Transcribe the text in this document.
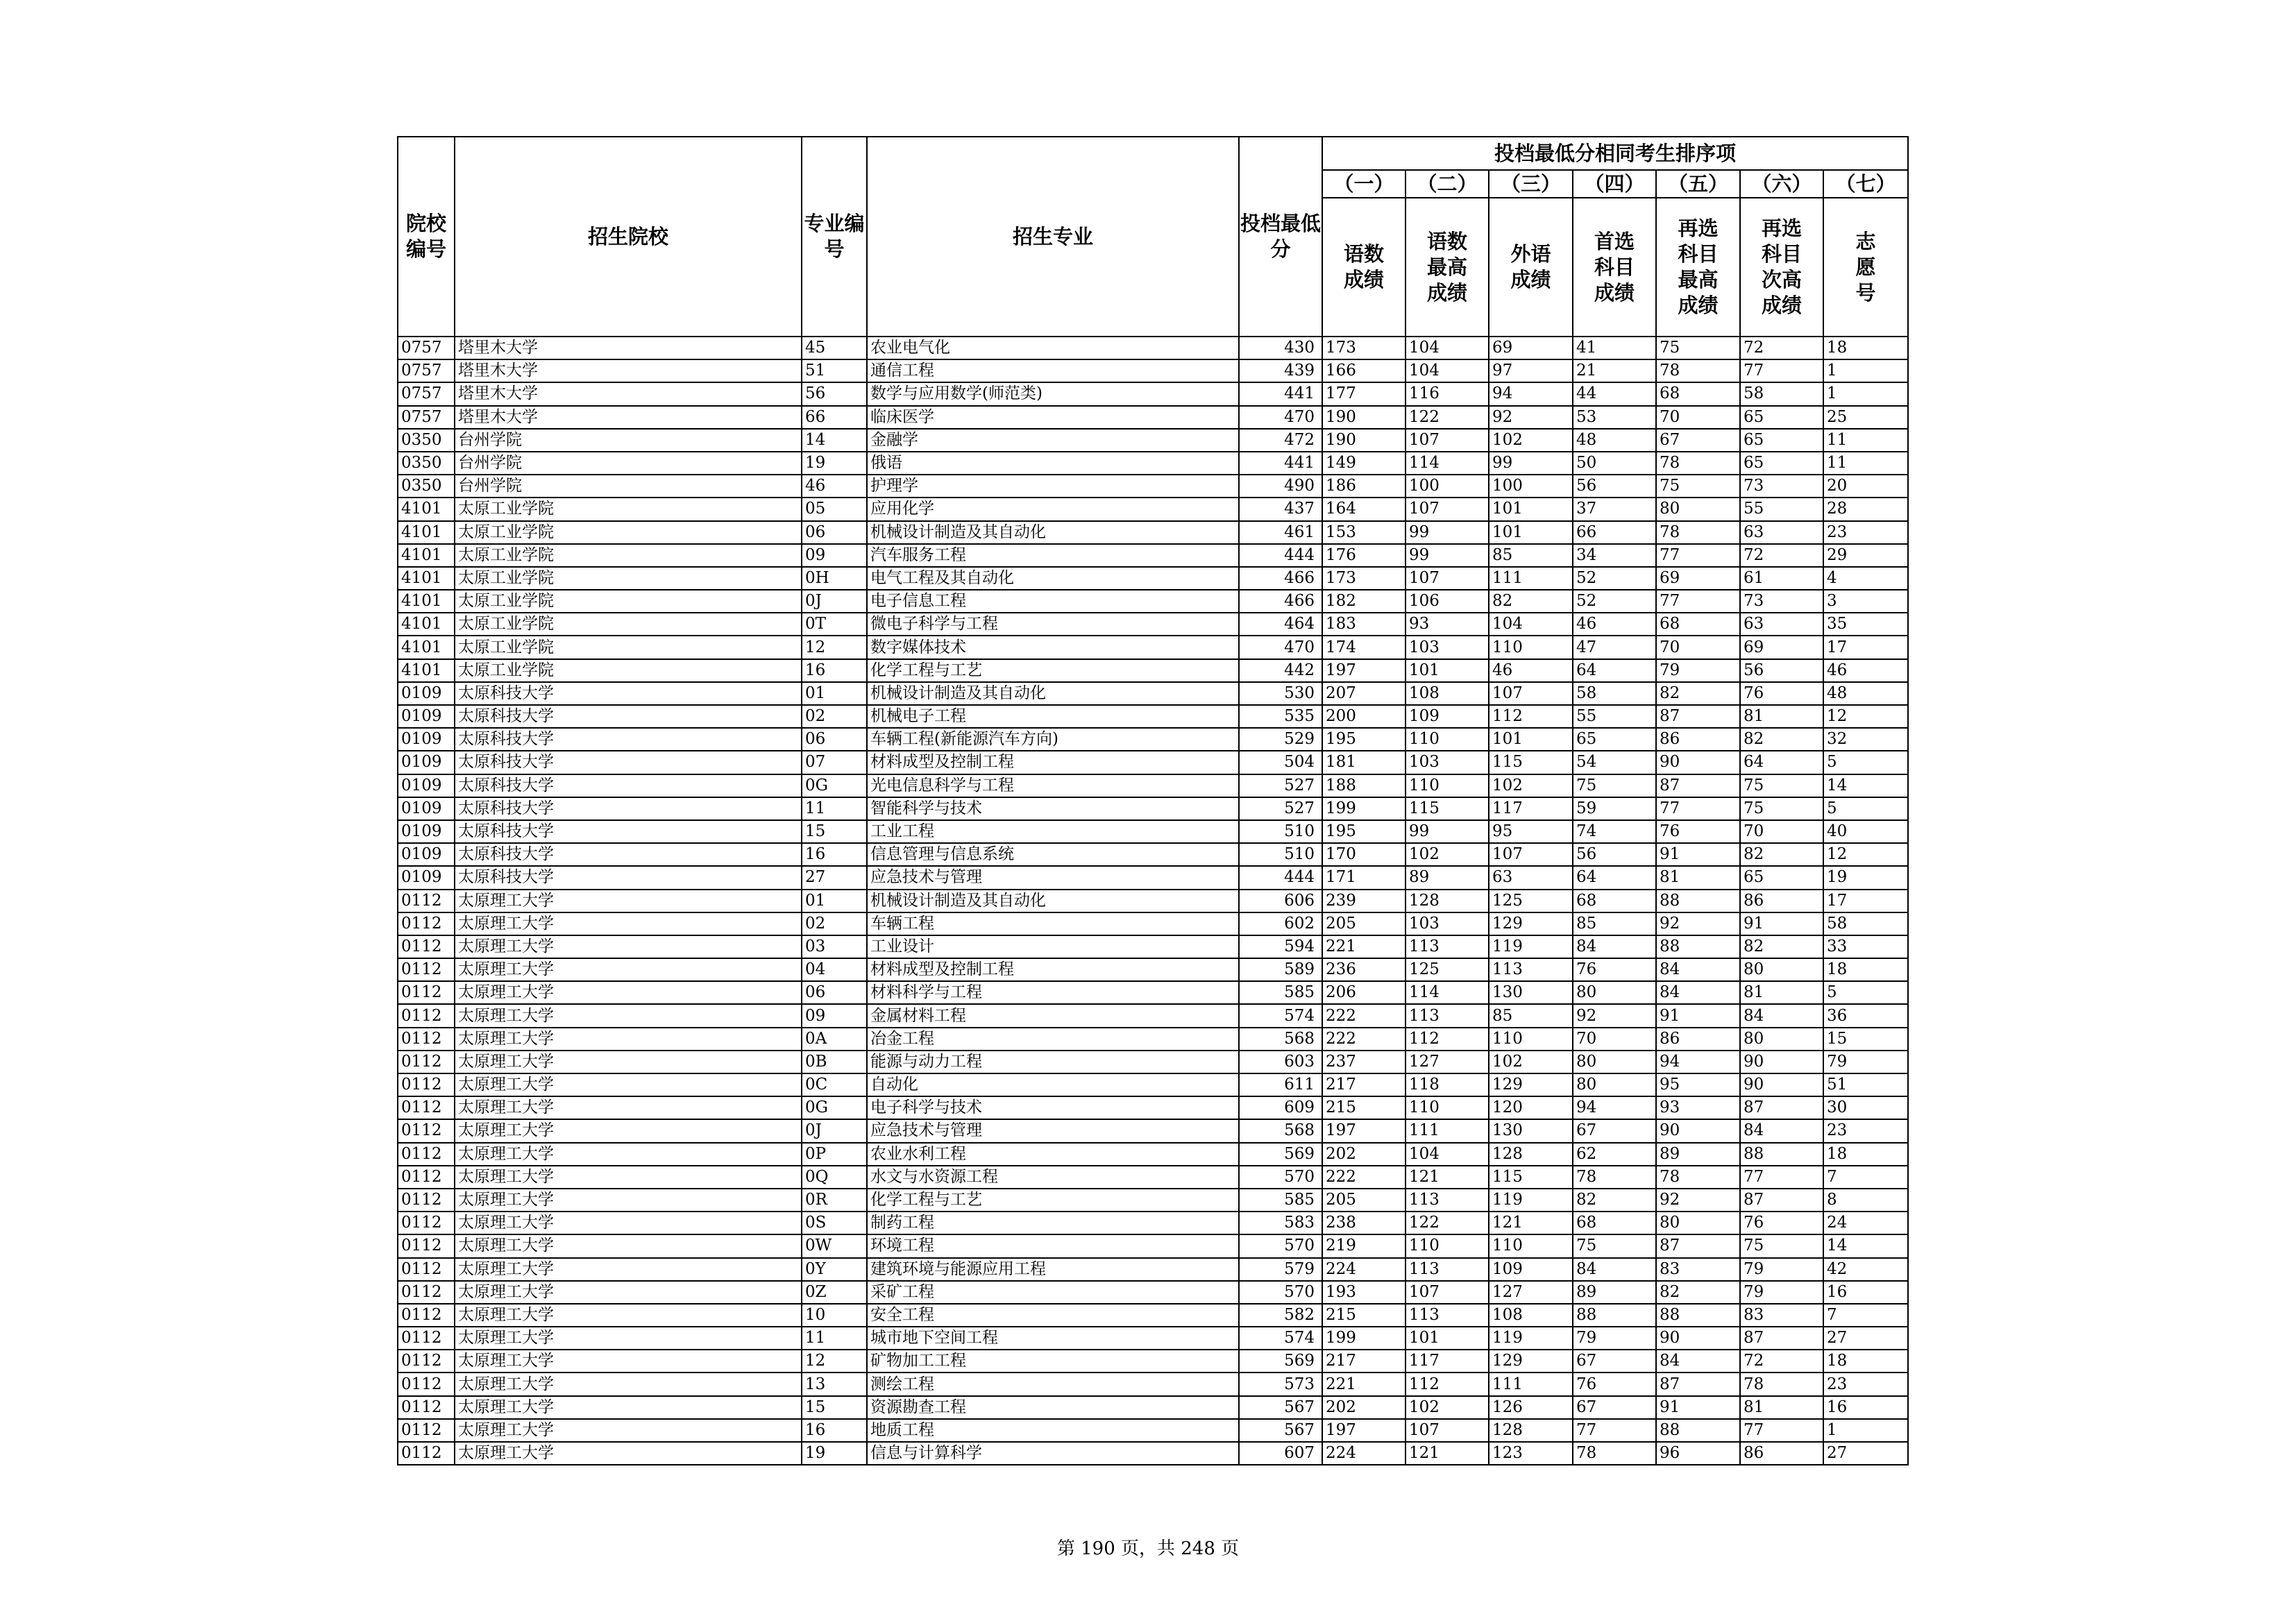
院校编号	招生院校	专业编号	招生专业	投档最低分	投档最低分相同考生排序项						
					（一）	（二）	（三）	（四）	（五）	（六）	（七）
					语数成绩	语数最高成绩	外语成绩	首选科目成绩	再选科目最高成绩	再选科目次高成绩	志愿号
0757	塔里木大学	45	农业电气化	430	173	104	69	41	75	72	18
0757	塔里木大学	51	通信工程	439	166	104	97	21	78	77	1
0757	塔里木大学	56	数学与应用数学(师范类)	441	177	116	94	44	68	58	1
0757	塔里木大学	66	临床医学	470	190	122	92	53	70	65	25
0350	台州学院	14	金融学	472	190	107	102	48	67	65	11
0350	台州学院	19	俄语	441	149	114	99	50	78	65	11
0350	台州学院	46	护理学	490	186	100	100	56	75	73	20
4101	太原工业学院	05	应用化学	437	164	107	101	37	80	55	28
4101	太原工业学院	06	机械设计制造及其自动化	461	153	99	101	66	78	63	23
4101	太原工业学院	09	汽车服务工程	444	176	99	85	34	77	72	29
4101	太原工业学院	0H	电气工程及其自动化	466	173	107	111	52	69	61	4
4101	太原工业学院	0J	电子信息工程	466	182	106	82	52	77	73	3
4101	太原工业学院	0T	微电子科学与工程	464	183	93	104	46	68	63	35
4101	太原工业学院	12	数字媒体技术	470	174	103	110	47	70	69	17
4101	太原工业学院	16	化学工程与工艺	442	197	101	46	64	79	56	46
0109	太原科技大学	01	机械设计制造及其自动化	530	207	108	107	58	82	76	48
0109	太原科技大学	02	机械电子工程	535	200	109	112	55	87	81	12
0109	太原科技大学	06	车辆工程(新能源汽车方向)	529	195	110	101	65	86	82	32
0109	太原科技大学	07	材料成型及控制工程	504	181	103	115	54	90	64	5
0109	太原科技大学	0G	光电信息科学与工程	527	188	110	102	75	87	75	14
0109	太原科技大学	11	智能科学与技术	527	199	115	117	59	77	75	5
0109	太原科技大学	15	工业工程	510	195	99	95	74	76	70	40
0109	太原科技大学	16	信息管理与信息系统	510	170	102	107	56	91	82	12
0109	太原科技大学	27	应急技术与管理	444	171	89	63	64	81	65	19
0112	太原理工大学	01	机械设计制造及其自动化	606	239	128	125	68	88	86	17
0112	太原理工大学	02	车辆工程	602	205	103	129	85	92	91	58
0112	太原理工大学	03	工业设计	594	221	113	119	84	88	82	33
0112	太原理工大学	04	材料成型及控制工程	589	236	125	113	76	84	80	18
0112	太原理工大学	06	材料科学与工程	585	206	114	130	80	84	81	5
0112	太原理工大学	09	金属材料工程	574	222	113	85	92	91	84	36
0112	太原理工大学	0A	冶金工程	568	222	112	110	70	86	80	15
0112	太原理工大学	0B	能源与动力工程	603	237	127	102	80	94	90	79
0112	太原理工大学	0C	自动化	611	217	118	129	80	95	90	51
0112	太原理工大学	0G	电子科学与技术	609	215	110	120	94	93	87	30
0112	太原理工大学	0J	应急技术与管理	568	197	111	130	67	90	84	23
0112	太原理工大学	0P	农业水利工程	569	202	104	128	62	89	88	18
0112	太原理工大学	0Q	水文与水资源工程	570	222	121	115	78	78	77	7
0112	太原理工大学	0R	化学工程与工艺	585	205	113	119	82	92	87	8
0112	太原理工大学	0S	制药工程	583	238	122	121	68	80	76	24
0112	太原理工大学	0W	环境工程	570	219	110	110	75	87	75	14
0112	太原理工大学	0Y	建筑环境与能源应用工程	579	224	113	109	84	83	79	42
0112	太原理工大学	0Z	采矿工程	570	193	107	127	89	82	79	16
0112	太原理工大学	10	安全工程	582	215	113	108	88	88	83	7
0112	太原理工大学	11	城市地下空间工程	574	199	101	119	79	90	87	27
0112	太原理工大学	12	矿物加工工程	569	217	117	129	67	84	72	18
0112	太原理工大学	13	测绘工程	573	221	112	111	76	87	78	23
0112	太原理工大学	15	资源勘查工程	567	202	102	126	67	91	81	16
0112	太原理工大学	16	地质工程	567	197	107	128	77	88	77	1
0112	太原理工大学	19	信息与计算科学	607	224	121	123	78	96	86	27
第 190 页，共 248 页
